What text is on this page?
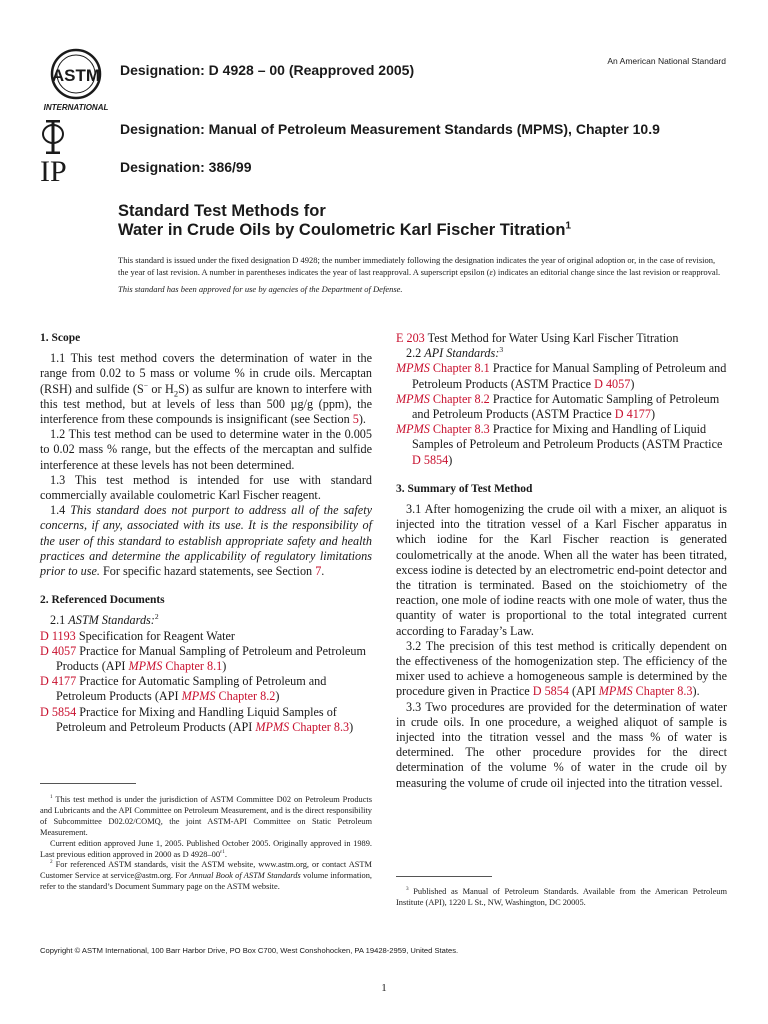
ASTM
INTERNATIONAL
IP
Designation: D 4928 – 00 (Reapproved 2005)
An American National Standard
Designation: Manual of Petroleum Measurement Standards (MPMS), Chapter 10.9
Designation: 386/99
Standard Test Methods for
Water in Crude Oils by Coulometric Karl Fischer Titration$^1$

This standard is issued under the fixed designation D 4928; the number immediately following the designation indicates the year of original adoption or, in the case of revision, the year of last revision. A number in parentheses indicates the year of last reapproval. A superscript epsilon (ε) indicates an editorial change since the last revision or reapproval.

This standard has been approved for use by agencies of the Department of Defense.

1. Scope

1.1 This test method covers the determination of water in the range from 0.02 to 5 mass or volume % in crude oils. Mercaptan (RSH) and sulfide (S− or $H_2S$) as sulfur are known to interfere with this test method, but at levels of less than 500 µg/g (ppm), the interference from these compounds is insignificant (see Section 5).

1.2 This test method can be used to determine water in the 0.005 to 0.02 mass % range, but the effects of the mercaptan and sulfide interference at these levels has not been determined.

1.3 This test method is intended for use with standard commercially available coulometric Karl Fischer reagent.

1.4 This standard does not purport to address all of the safety concerns, if any, associated with its use. It is the responsibility of the user of this standard to establish appropriate safety and health practices and determine the applicability of regulatory limitations prior to use. For specific hazard statements, see Section 7.

2. Referenced Documents

2.1 ASTM Standards:$^2$

D 1193 Specification for Reagent Water

D 4057 Practice for Manual Sampling of Petroleum and Petroleum Products (API MPMS Chapter 8.1)

D 4177 Practice for Automatic Sampling of Petroleum and Petroleum Products (API MPMS Chapter 8.2)

D 5854 Practice for Mixing and Handling Liquid Samples of Petroleum and Petroleum Products (API MPMS Chapter 8.3)

E 203 Test Method for Water Using Karl Fischer Titration

2.2 API Standards:$^3$

MPMS Chapter 8.1 Practice for Manual Sampling of Petroleum and Petroleum Products (ASTM Practice D 4057)

MPMS Chapter 8.2 Practice for Automatic Sampling of Petroleum and Petroleum Products (ASTM Practice D 4177)

MPMS Chapter 8.3 Practice for Mixing and Handling of Liquid Samples of Petroleum and Petroleum Products (ASTM Practice D 5854)

3. Summary of Test Method

3.1 After homogenizing the crude oil with a mixer, an aliquot is injected into the titration vessel of a Karl Fischer apparatus in which iodine for the Karl Fischer reaction is generated coulometrically at the anode. When all the water has been titrated, excess iodine is detected by an electrometric end-point detector and the titration is terminated. Based on the stoichiometry of the reaction, one mole of iodine reacts with one mole of water, thus the quantity of water is proportional to the total integrated current according to Faraday’s Law.

3.2 The precision of this test method is critically dependent on the effectiveness of the homogenization step. The efficiency of the mixer used to achieve a homogeneous sample is determined by the procedure given in Practice D 5854 (API MPMS Chapter 8.3).

3.3 Two procedures are provided for the determination of water in crude oils. In one procedure, a weighed aliquot of sample is injected into the titration vessel and the mass % of water is determined. The other procedure provides for the direct determination of the volume % of water in the crude oil by measuring the volume of crude oil injected into the titration vessel.

$^1$ This test method is under the jurisdiction of ASTM Committee D02 on Petroleum Products and Lubricants and the API Committee on Petroleum Measurement, and is the direct responsibility of Subcommittee D02.02/COMQ, the joint ASTM-API Committee on Static Petroleum Measurement.

Current edition approved June 1, 2005. Published October 2005. Originally approved in 1989. Last previous edition approved in 2000 as D $4928-00^{\varepsilon 1}$.

$^2$ For referenced ASTM standards, visit the ASTM website, www.astm.org, or contact ASTM Customer Service at service@astm.org. For Annual Book of ASTM Standards volume information, refer to the standard’s Document Summary page on the ASTM website.	$^3$ Published as Manual of Petroleum Standards. Available from the American Petroleum Institute (API), 1220 L St., NW, Washington, DC 20005.

Copyright © ASTM International, 100 Barr Harbor Drive, PO Box C700, West Conshohocken, PA 19428-2959, United States.
1
